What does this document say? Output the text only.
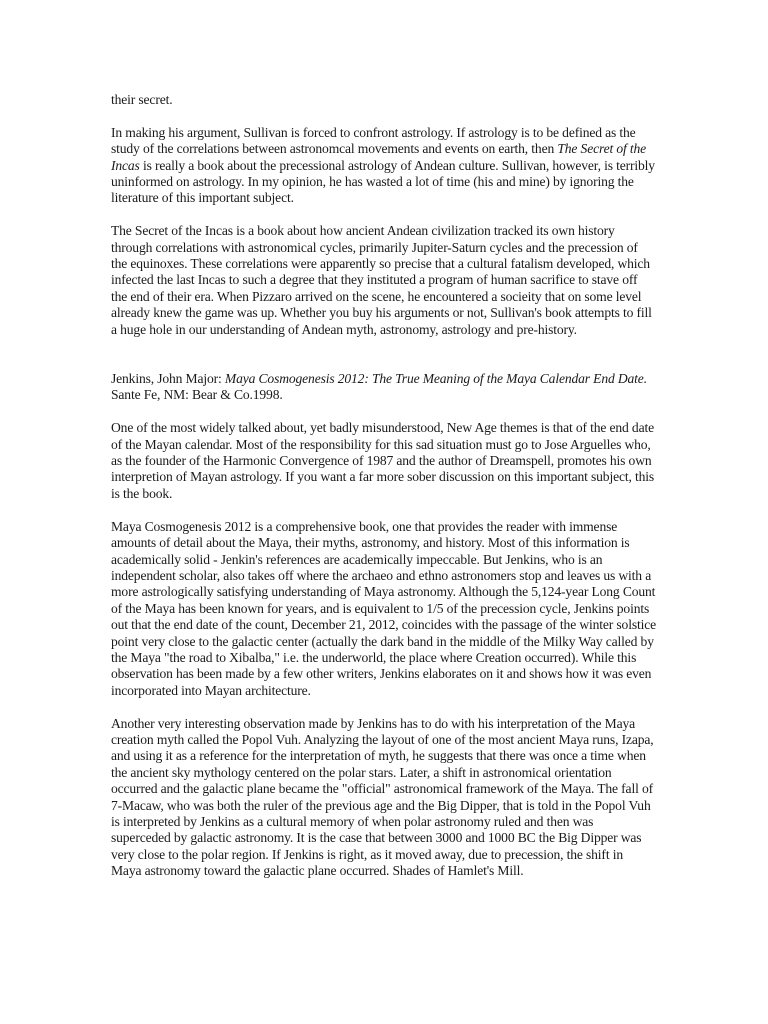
their secret.

In making his argument, Sullivan is forced to confront astrology. If astrology is to be defined as the study of the correlations between astronomcal movements and events on earth, then The Secret of the Incas is really a book about the precessional astrology of Andean culture. Sullivan, however, is terribly uninformed on astrology. In my opinion, he has wasted a lot of time (his and mine) by ignoring the literature of this important subject.

The Secret of the Incas is a book about how ancient Andean civilization tracked its own history through correlations with astronomical cycles, primarily Jupiter-Saturn cycles and the precession of the equinoxes. These correlations were apparently so precise that a cultural fatalism developed, which infected the last Incas to such a degree that they instituted a program of human sacrifice to stave off the end of their era. When Pizzaro arrived on the scene, he encountered a socieity that on some level already knew the game was up. Whether you buy his arguments or not, Sullivan's book attempts to fill a huge hole in our understanding of Andean myth, astronomy, astrology and pre-history.

Jenkins, John Major: Maya Cosmogenesis 2012: The True Meaning of the Maya Calendar End Date. Sante Fe, NM: Bear & Co.1998.

One of the most widely talked about, yet badly misunderstood, New Age themes is that of the end date of the Mayan calendar. Most of the responsibility for this sad situation must go to Jose Arguelles who, as the founder of the Harmonic Convergence of 1987 and the author of Dreamspell, promotes his own interpretion of Mayan astrology. If you want a far more sober discussion on this important subject, this is the book.

Maya Cosmogenesis 2012 is a comprehensive book, one that provides the reader with immense amounts of detail about the Maya, their myths, astronomy, and history. Most of this information is academically solid - Jenkin's references are academically impeccable. But Jenkins, who is an independent scholar, also takes off where the archaeo and ethno astronomers stop and leaves us with a more astrologically satisfying understanding of Maya astronomy. Although the 5,124-year Long Count of the Maya has been known for years, and is equivalent to 1/5 of the precession cycle, Jenkins points out that the end date of the count, December 21, 2012, coincides with the passage of the winter solstice point very close to the galactic center (actually the dark band in the middle of the Milky Way called by the Maya "the road to Xibalba," i.e. the underworld, the place where Creation occurred). While this observation has been made by a few other writers, Jenkins elaborates on it and shows how it was even incorporated into Mayan architecture.

Another very interesting observation made by Jenkins has to do with his interpretation of the Maya creation myth called the Popol Vuh. Analyzing the layout of one of the most ancient Maya runs, Izapa, and using it as a reference for the interpretation of myth, he suggests that there was once a time when the ancient sky mythology centered on the polar stars. Later, a shift in astronomical orientation occurred and the galactic plane became the "official" astronomical framework of the Maya. The fall of 7-Macaw, who was both the ruler of the previous age and the Big Dipper, that is told in the Popol Vuh is interpreted by Jenkins as a cultural memory of when polar astronomy ruled and then was superceded by galactic astronomy. It is the case that between 3000 and 1000 BC the Big Dipper was very close to the polar region. If Jenkins is right, as it moved away, due to precession, the shift in Maya astronomy toward the galactic plane occurred. Shades of Hamlet's Mill.
